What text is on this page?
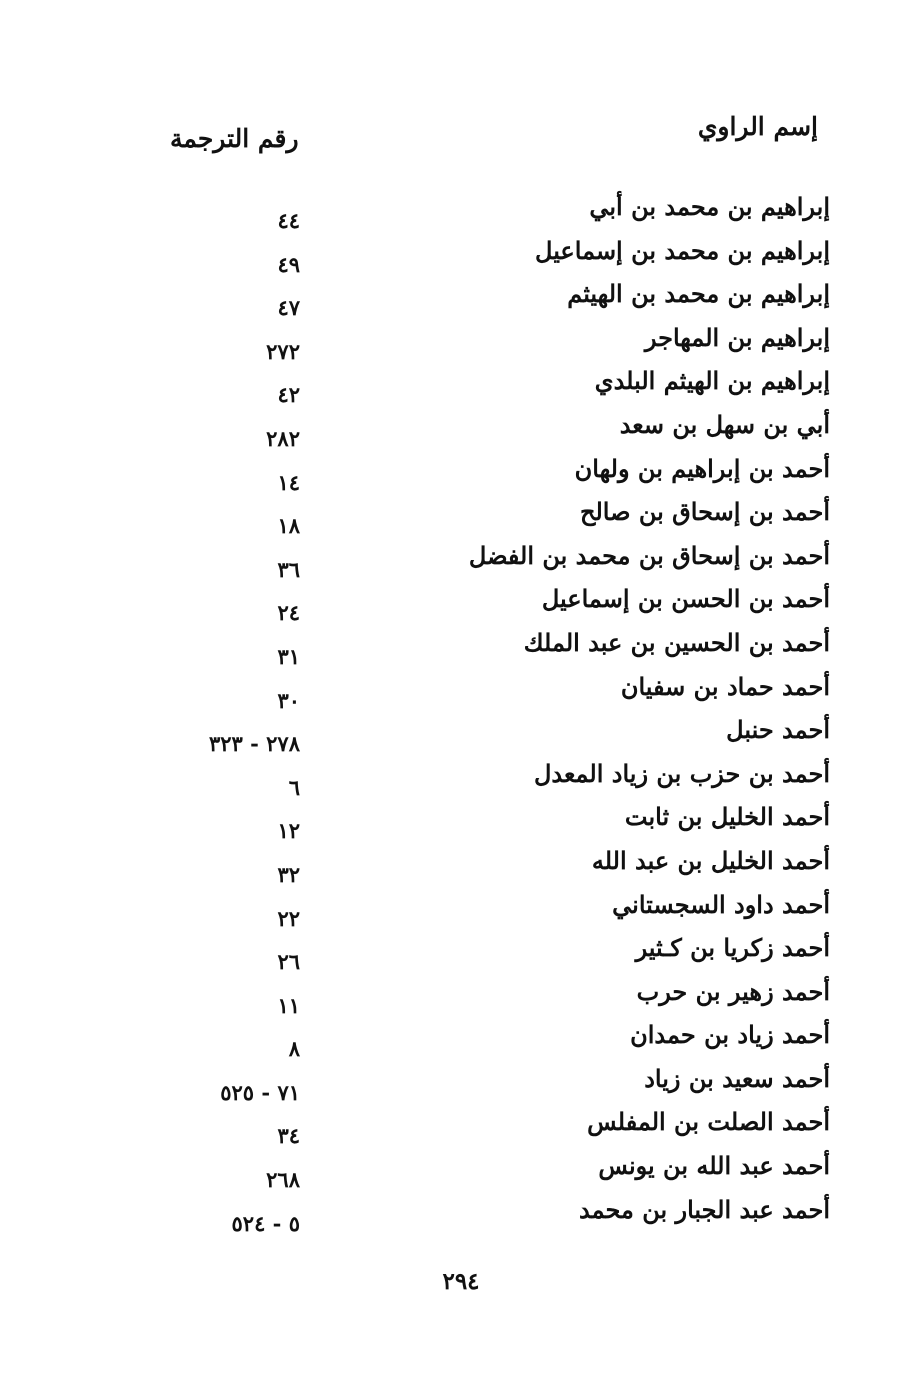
إسم الراوي
رقم الترجمة
إبراهيم بن محمد بن أبي
٤٤
إبراهيم بن محمد بن إسماعيل
٤٩
إبراهيم بن محمد بن الهيثم
٤٧
إبراهيم بن المهاجر
٢٧٢
إبراهيم بن الهيثم البلدي
٤٢
أبي بن سهل بن سعد
٢٨٢
أحمد بن إبراهيم بن ولهان
١٤
أحمد بن إسحاق بن صالح
١٨
أحمد بن إسحاق بن محمد بن الفضل
٣٦
أحمد بن الحسن بن إسماعيل
٢٤
أحمد بن الحسين بن عبد الملك
٣١
أحمد حماد بن سفيان
٣٠
أحمد حنبل
٢٧٨ - ٣٢٣
أحمد بن حزب بن زياد المعدل
٦
أحمد الخليل بن ثابت
١٢
أحمد الخليل بن عبد الله
٣٢
أحمد داود السجستاني
٢٢
أحمد زكريا بن كـثير
٢٦
أحمد زهير بن حرب
١١
أحمد زياد بن حمدان
٨
أحمد سعيد بن زياد
٧١ - ٥٢٥
أحمد الصلت بن المفلس
٣٤
أحمد عبد الله بن يونس
٢٦٨
أحمد عبد الجبار بن محمد
٥ - ٥٢٤
٢٩٤
